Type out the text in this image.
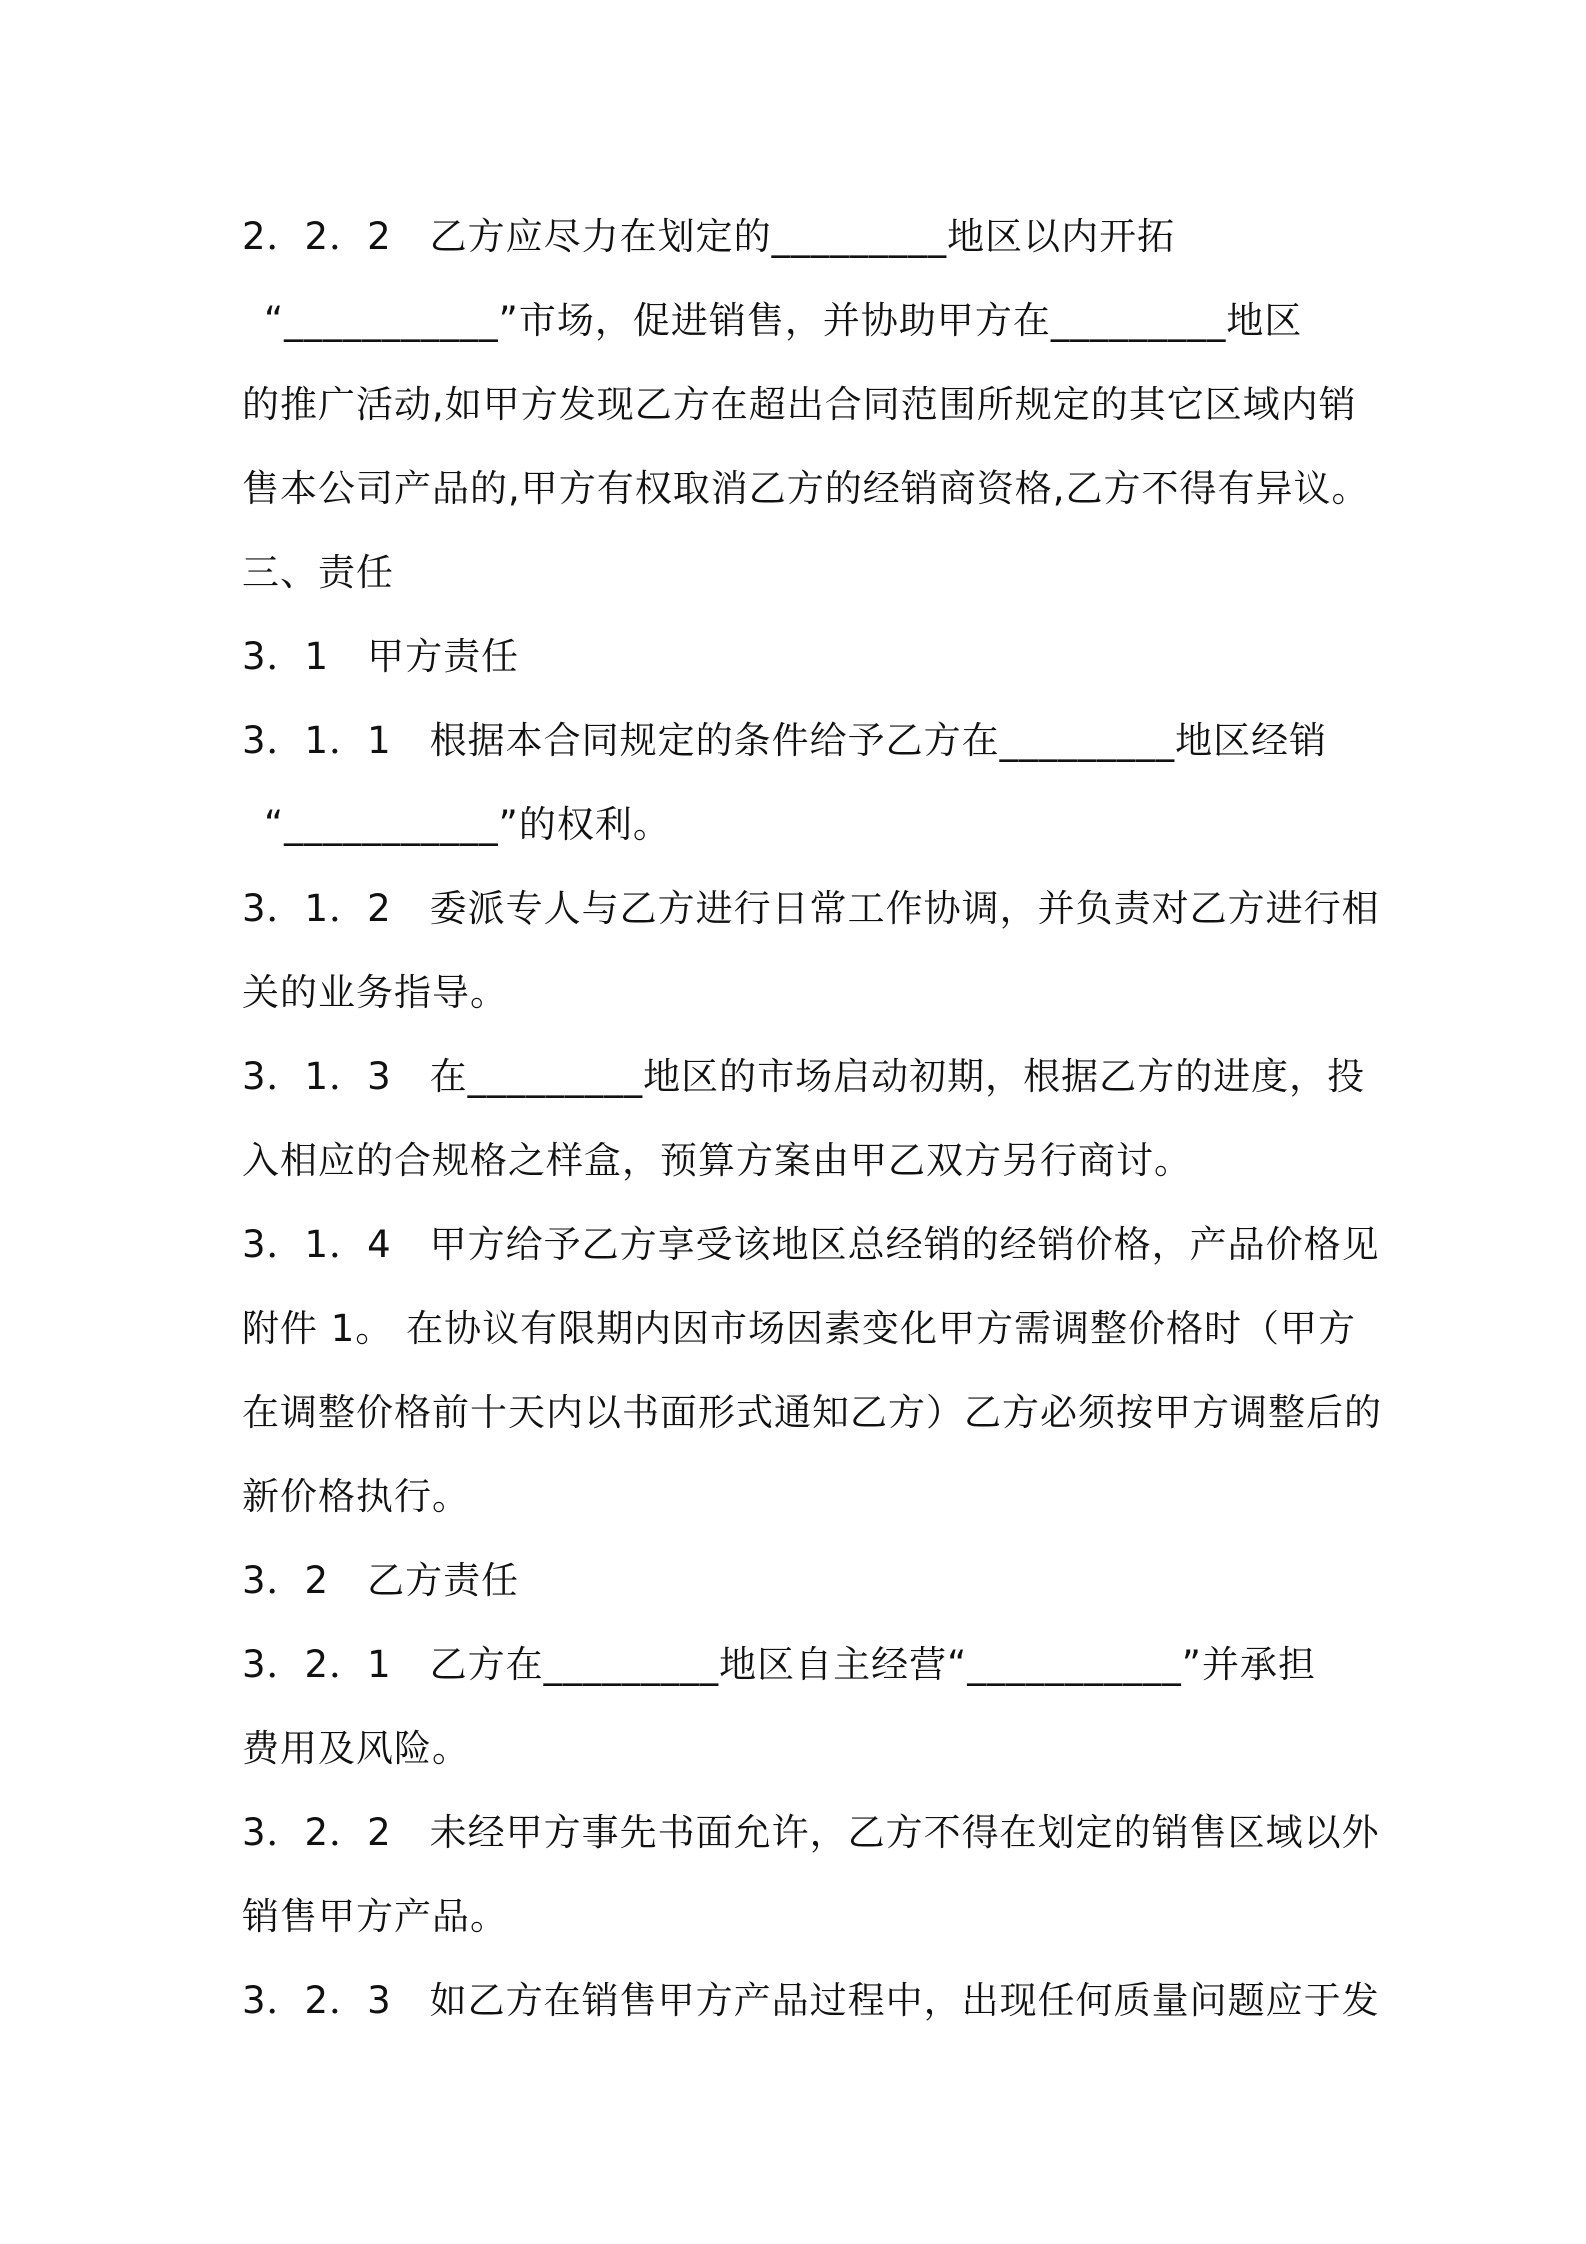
2．2．2　乙方应尽力在划定的_________地区以内开拓
“___________”市场，促进销售，并协助甲方在_________地区
的推广活动,如甲方发现乙方在超出合同范围所规定的其它区域内销
售本公司产品的,甲方有权取消乙方的经销商资格,乙方不得有异议。
三、责任
3．1　甲方责任
3．1．1　根据本合同规定的条件给予乙方在_________地区经销
“___________”的权利。
3．1．2　委派专人与乙方进行日常工作协调，并负责对乙方进行相
关的业务指导。
3．1．3　在_________地区的市场启动初期，根据乙方的进度，投
入相应的合规格之样盒，预算方案由甲乙双方另行商讨。
3．1．4　甲方给予乙方享受该地区总经销的经销价格，产品价格见
附件 1。 在协议有限期内因市场因素变化甲方需调整价格时（甲方
在调整价格前十天内以书面形式通知乙方）乙方必须按甲方调整后的
新价格执行。
3．2　乙方责任
3．2．1　乙方在_________地区自主经营“___________”并承担
费用及风险。
3．2．2　未经甲方事先书面允许，乙方不得在划定的销售区域以外
销售甲方产品。
3．2．3　如乙方在销售甲方产品过程中，出现任何质量问题应于发
